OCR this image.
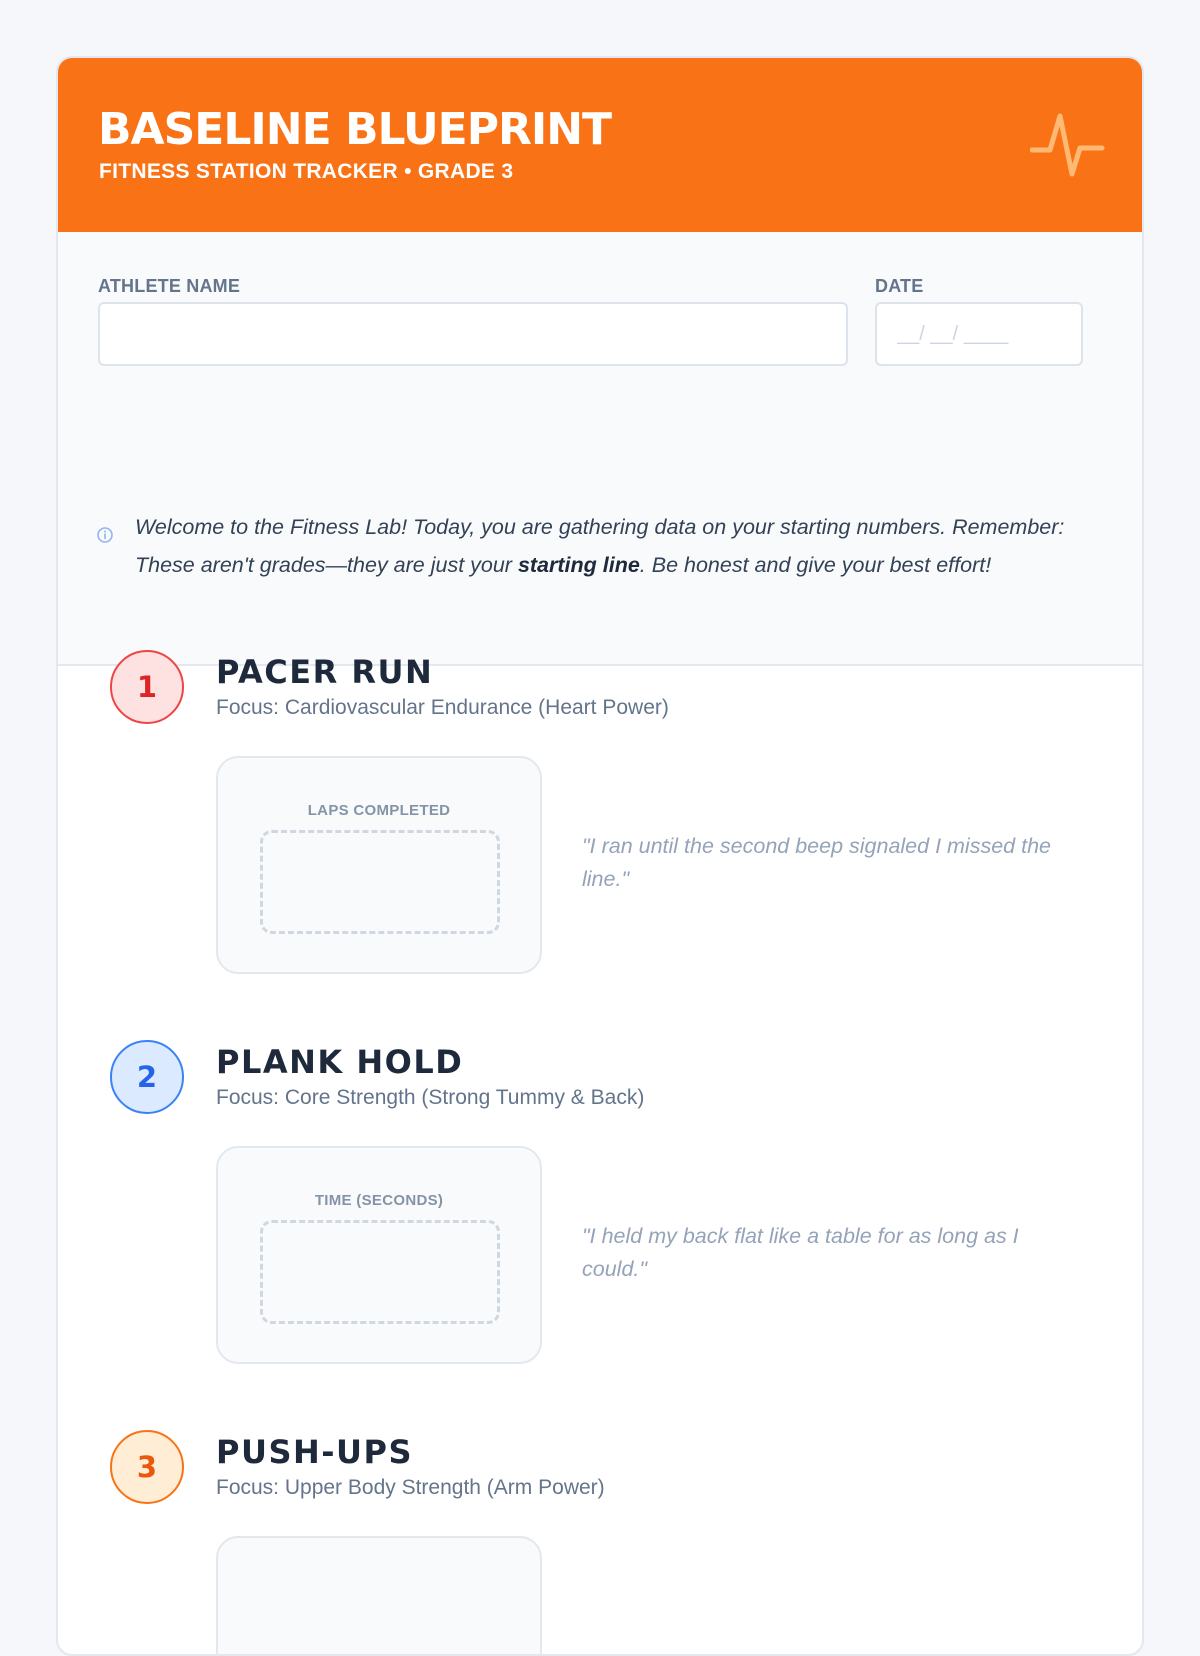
BASELINE BLUEPRINT
FITNESS STATION TRACKER • GRADE 3
ATHLETE NAME	DATE
__/ __/ ____

Welcome to the Fitness Lab! Today, you are gathering data on your starting numbers. Remember: These aren't grades—they are just your starting line. Be honest and give your best effort!

1	PACER RUN
Focus: Cardiovascular Endurance (Heart Power)
LAPS COMPLETED
"I ran until the second beep signaled I missed the line."
2	PLANK HOLD
Focus: Core Strength (Strong Tummy & Back)
TIME (SECONDS)
"I held my back flat like a table for as long as I could."
3	PUSH-UPS
Focus: Upper Body Strength (Arm Power)
